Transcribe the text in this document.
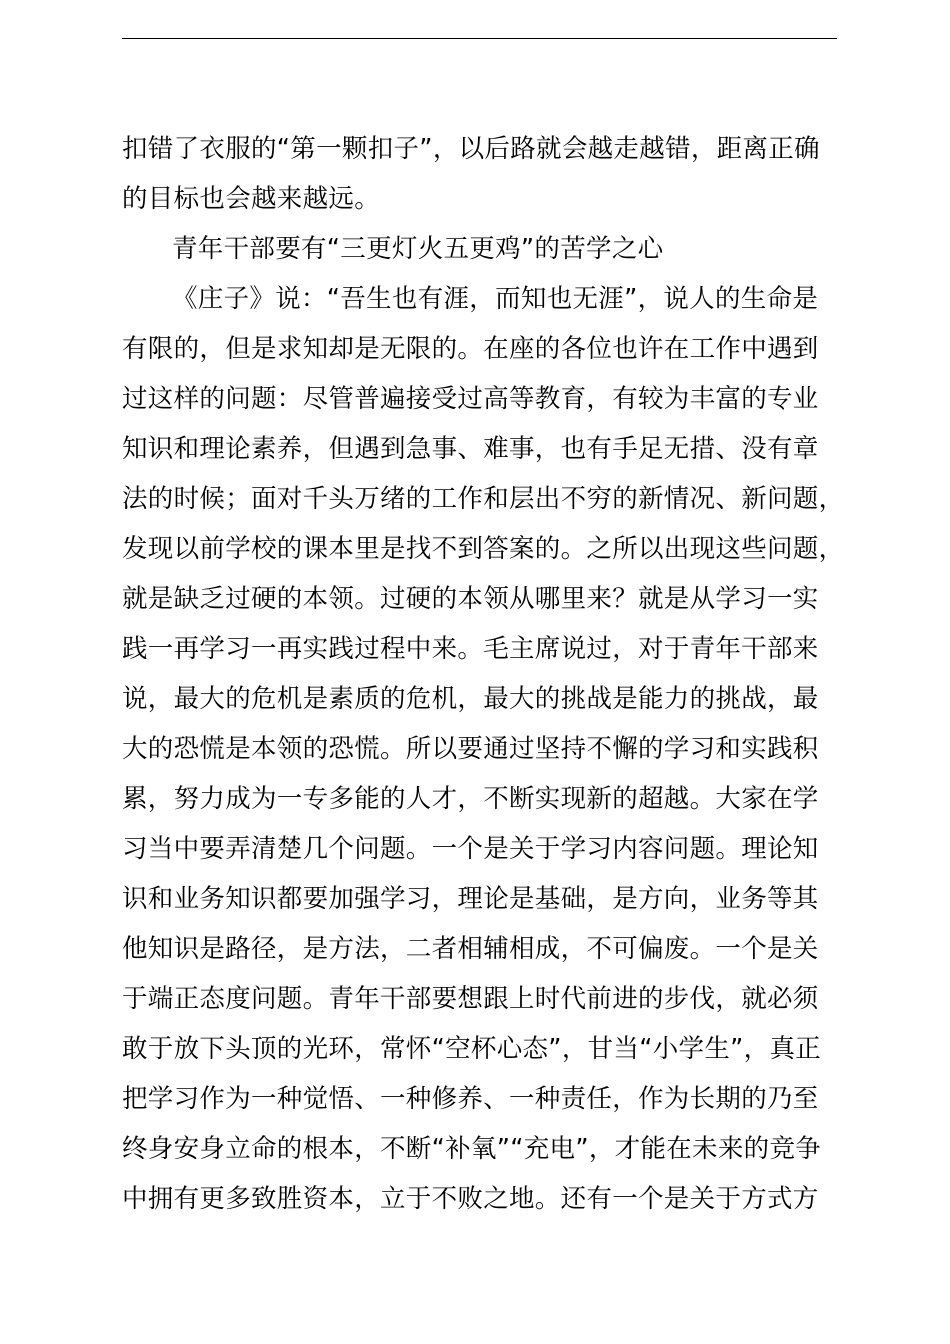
扣错了衣服的“第一颗扣子”，以后路就会越走越错，距离正确
的目标也会越来越远。
青年干部要有“三更灯火五更鸡”的苦学之心
《庄子》说：“吾生也有涯，而知也无涯”，说人的生命是
有限的，但是求知却是无限的。在座的各位也许在工作中遇到
过这样的问题：尽管普遍接受过高等教育，有较为丰富的专业
知识和理论素养，但遇到急事、难事，也有手足无措、没有章
法的时候；面对千头万绪的工作和层出不穷的新情况、新问题，
发现以前学校的课本里是找不到答案的。之所以出现这些问题，
就是缺乏过硬的本领。过硬的本领从哪里来？就是从学习一实
践一再学习一再实践过程中来。毛主席说过，对于青年干部来
说，最大的危机是素质的危机，最大的挑战是能力的挑战，最
大的恐慌是本领的恐慌。所以要通过坚持不懈的学习和实践积
累，努力成为一专多能的人才，不断实现新的超越。大家在学
习当中要弄清楚几个问题。一个是关于学习内容问题。理论知
识和业务知识都要加强学习，理论是基础，是方向，业务等其
他知识是路径，是方法，二者相辅相成，不可偏废。一个是关
于端正态度问题。青年干部要想跟上时代前进的步伐，就必须
敢于放下头顶的光环，常怀“空杯心态”，甘当“小学生”，真正
把学习作为一种觉悟、一种修养、一种责任，作为长期的乃至
终身安身立命的根本，不断“补氧”“充电”，才能在未来的竞争
中拥有更多致胜资本，立于不败之地。还有一个是关于方式方
